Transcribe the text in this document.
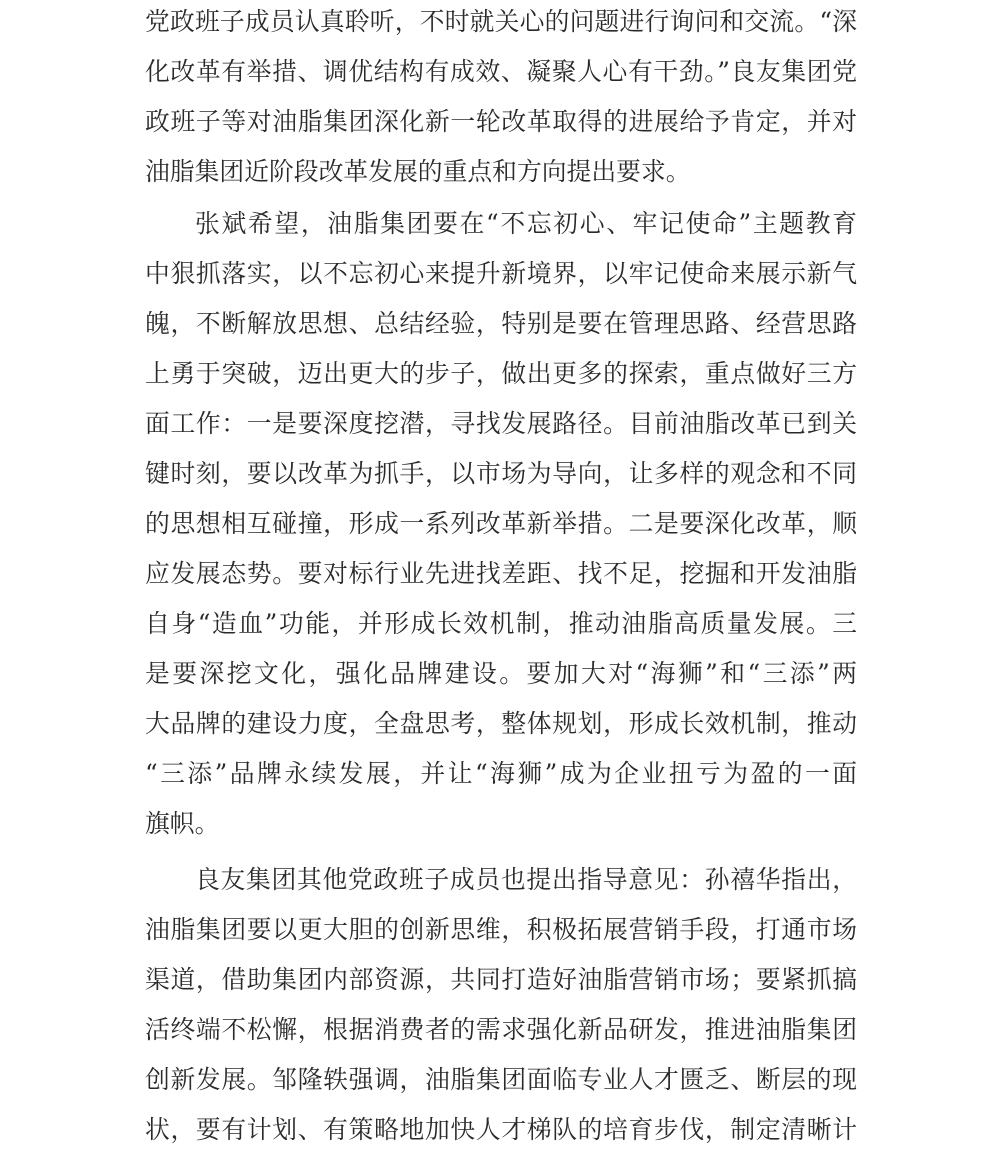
党政班子成员认真聆听，不时就关心的问题进行询问和交流。“深
化改革有举措、调优结构有成效、凝聚人心有干劲。”良友集团党
政班子等对油脂集团深化新一轮改革取得的进展给予肯定，并对
油脂集团近阶段改革发展的重点和方向提出要求。
张斌希望，油脂集团要在“不忘初心、牢记使命”主题教育
中狠抓落实，以不忘初心来提升新境界，以牢记使命来展示新气
魄，不断解放思想、总结经验，特别是要在管理思路、经营思路
上勇于突破，迈出更大的步子，做出更多的探索，重点做好三方
面工作：一是要深度挖潜，寻找发展路径。目前油脂改革已到关
键时刻，要以改革为抓手，以市场为导向，让多样的观念和不同
的思想相互碰撞，形成一系列改革新举措。二是要深化改革，顺
应发展态势。要对标行业先进找差距、找不足，挖掘和开发油脂
自身“造血”功能，并形成长效机制，推动油脂高质量发展。三
是要深挖文化，强化品牌建设。要加大对“海狮”和“三添”两
大品牌的建设力度，全盘思考，整体规划，形成长效机制，推动
“三添”品牌永续发展，并让“海狮”成为企业扭亏为盈的一面
旗帜。
良友集团其他党政班子成员也提出指导意见：孙禧华指出，
油脂集团要以更大胆的创新思维，积极拓展营销手段，打通市场
渠道，借助集团内部资源，共同打造好油脂营销市场；要紧抓搞
活终端不松懈，根据消费者的需求强化新品研发，推进油脂集团
创新发展。邹隆轶强调，油脂集团面临专业人才匮乏、断层的现
状，要有计划、有策略地加快人才梯队的培育步伐，制定清晰计
